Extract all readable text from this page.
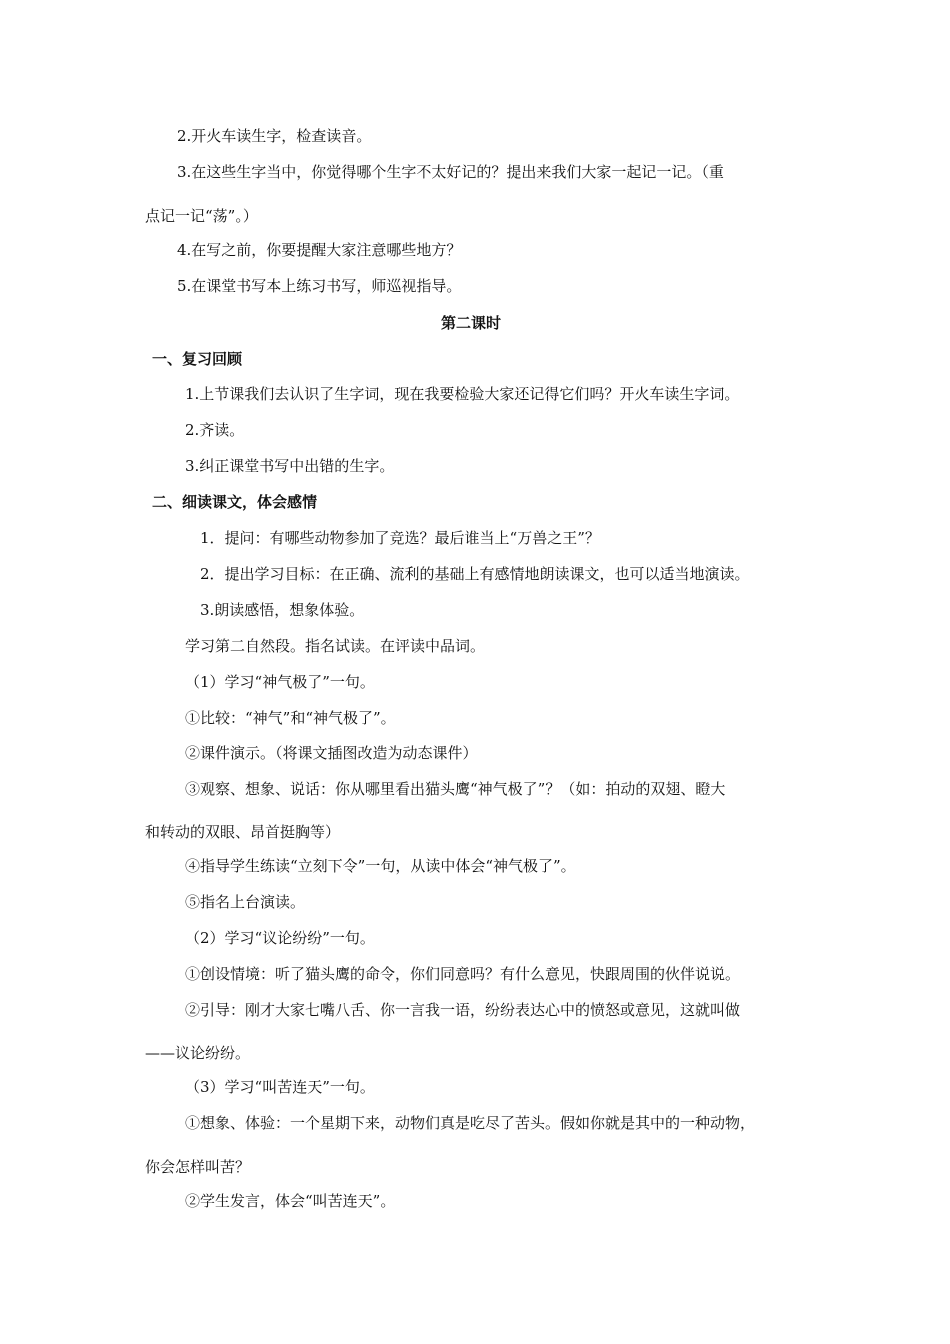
2.开火车读生字，检查读音。
3.在这些生字当中，你觉得哪个生字不太好记的？提出来我们大家一起记一记。（重
点记一记“荡”。）
4.在写之前，你要提醒大家注意哪些地方？
5.在课堂书写本上练习书写，师巡视指导。
第二课时
一、复习回顾
1.上节课我们去认识了生字词，现在我要检验大家还记得它们吗？开火车读生字词。
2.齐读。
3.纠正课堂书写中出错的生字。
二、细读课文，体会感情
1．提问：有哪些动物参加了竞选？最后谁当上“万兽之王”？
2．提出学习目标：在正确、流利的基础上有感情地朗读课文，也可以适当地演读。
3.朗读感悟，想象体验。
学习第二自然段。指名试读。在评读中品词。
（1）学习“神气极了”一句。
①比较：“神气”和“神气极了”。
②课件演示。（将课文插图改造为动态课件）
③观察、想象、说话：你从哪里看出猫头鹰“神气极了”？（如：拍动的双翅、瞪大
和转动的双眼、昂首挺胸等）
④指导学生练读“立刻下令”一句，从读中体会“神气极了”。
⑤指名上台演读。
（2）学习“议论纷纷”一句。
①创设情境：听了猫头鹰的命令，你们同意吗？有什么意见，快跟周围的伙伴说说。
②引导：刚才大家七嘴八舌、你一言我一语，纷纷表达心中的愤怒或意见，这就叫做
——议论纷纷。
（3）学习“叫苦连天”一句。
①想象、体验：一个星期下来，动物们真是吃尽了苦头。假如你就是其中的一种动物，
你会怎样叫苦？
②学生发言，体会“叫苦连天”。
